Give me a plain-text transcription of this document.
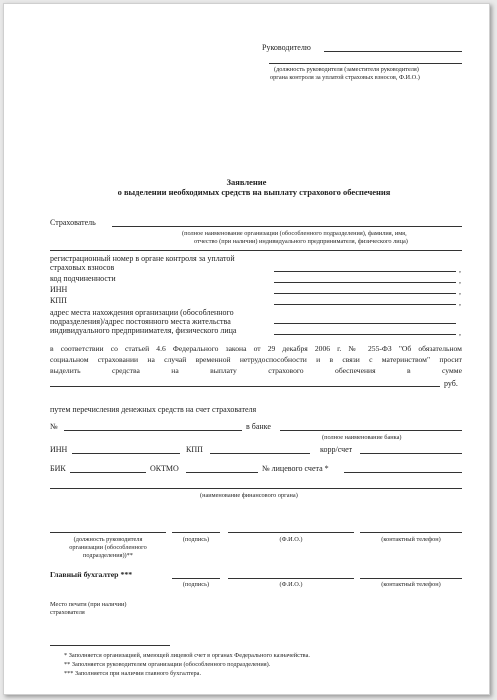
Руководителю
(должность руководителя (заместителя руководителя)
органа контроля за уплатой страховых взносов, Ф.И.О.)
Заявление
о выделении необходимых средств на выплату страхового обеспечения
Страхователь
(полное наименование организации (обособленного подразделения), фамилия, имя,
отчество (при наличии) индивидуального предпринимателя, физического лица)
регистрационный номер в органе контроля за уплатой
страховых взносов	,
код подчиненности	,
ИНН	,
КПП	,
адрес места нахождения организации (обособленного
подразделения)/адрес постоянного места жительства
индивидуального предпринимателя, физического лица	,
в соответствии со статьей 4.6 Федерального закона от 29 декабря 2006 г. № 255-ФЗ "Об обязательном
социальном страховании на случай временной нетрудоспособности и в связи с материнством" просит
выделить	средства	на	выплату	страхового	обеспечения	в	сумме
руб.
путем перечисления денежных средств на счет страхователя
№	в банке
(полное наименование банка)
ИНН	КПП	корр/счет
БИК	ОКТМО	№ лицевого счета *
(наименование финансового органа)
(должность руководителя
организации (обособленного
подразделения))**
(подпись)	(Ф.И.О.)	(контактный телефон)
Главный бухгалтер ***
(подпись)	(Ф.И.О.)	(контактный телефон)
Место печати (при наличии)
страхователя
* Заполняется организацией, имеющей лицевой счет в органах Федерального казначейства.
** Заполняется руководителем организации (обособленного подразделения).
*** Заполняется при наличии главного бухгалтера.
